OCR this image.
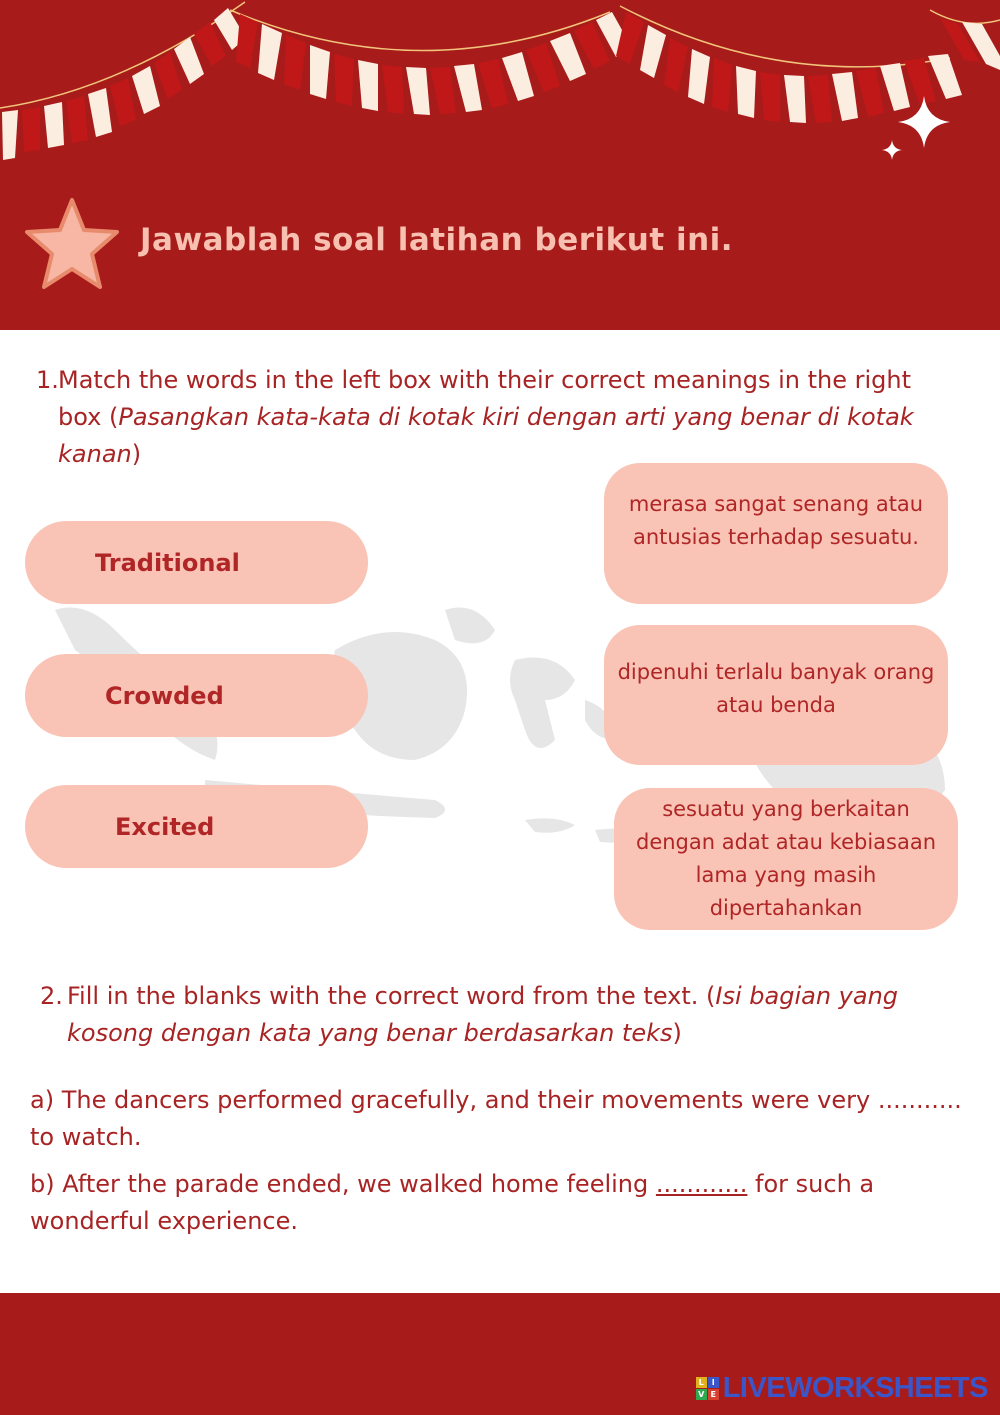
Jawablah soal latihan berikut ini.
1. Match the words in the left box with their correct meanings in the right box (Pasangkan kata-kata di kotak kiri dengan arti yang benar di kotak kanan)
Traditional
Crowded
Excited
merasa sangat senang atau antusias terhadap sesuatu.
dipenuhi terlalu banyak orang atau benda
sesuatu yang berkaitan dengan adat atau kebiasaan lama yang masih dipertahankan
2. Fill in the blanks with the correct word from the text. (Isi bagian yang kosong dengan kata yang benar berdasarkan teks)
a) The dancers performed gracefully, and their movements were very ........... to watch.
b) After the parade ended, we walked home feeling ............ for such a wonderful experience.
L I
V E LIVEWORKSHEETS
